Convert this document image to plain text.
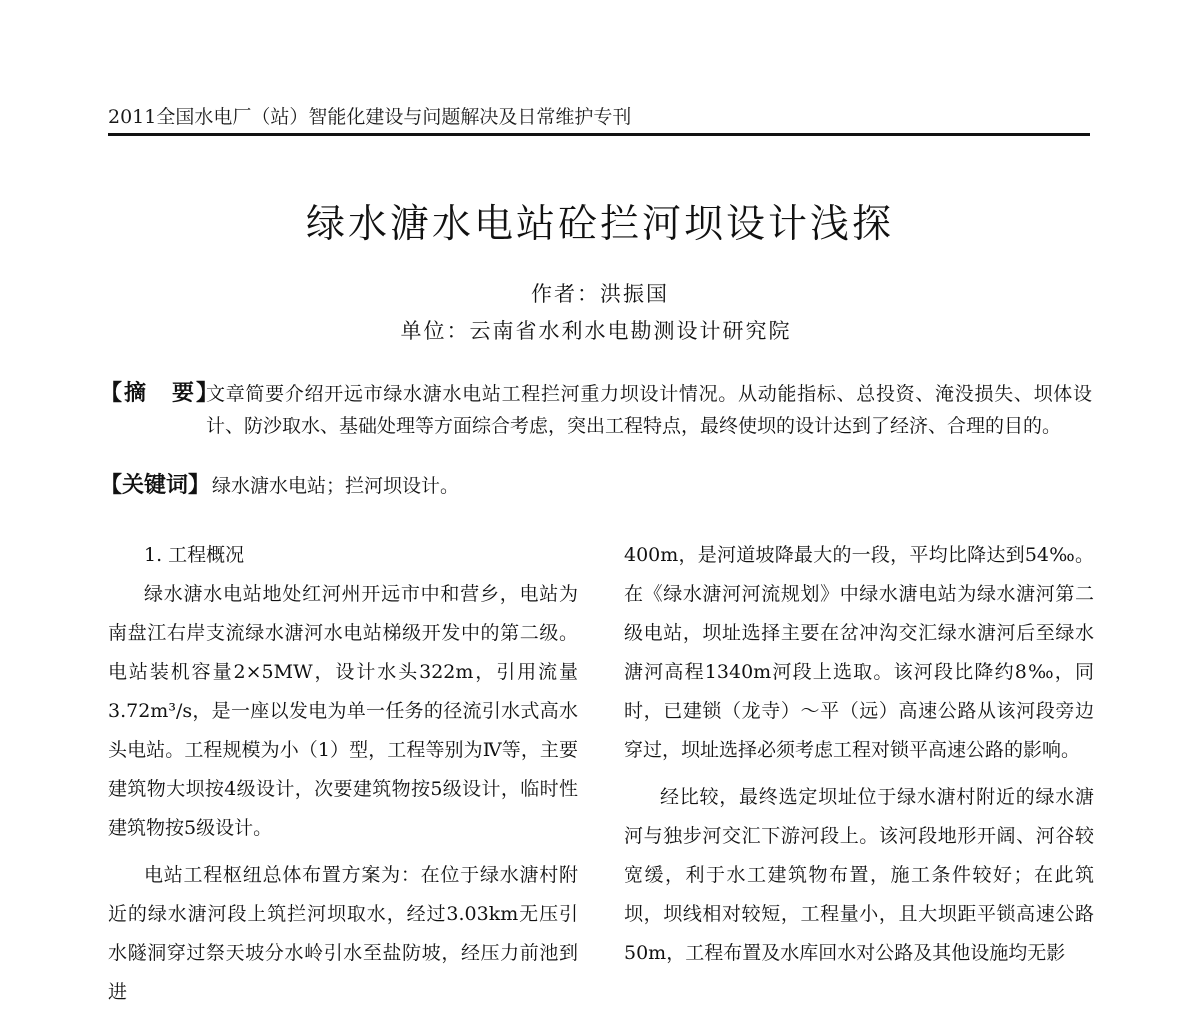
2011全国水电厂（站）智能化建设与问题解决及日常维护专刊
绿水溏水电站砼拦河坝设计浅探
作者：洪振国
单位：云南省水利水电勘测设计研究院
【摘　要】
文章简要介绍开远市绿水溏水电站工程拦河重力坝设计情况。从动能指标、总投资、淹没损失、坝体设计、防沙取水、基础处理等方面综合考虑，突出工程特点，最终使坝的设计达到了经济、合理的目的。
【关键词】 绿水溏水电站；拦河坝设计。
1. 工程概况

绿水溏水电站地处红河州开远市中和营乡，电站为南盘江右岸支流绿水溏河水电站梯级开发中的第二级。电站装机容量2×5MW，设计水头322m，引用流量3.72m³/s，是一座以发电为单一任务的径流引水式高水头电站。工程规模为小（1）型，工程等别为Ⅳ等，主要建筑物大坝按4级设计，次要建筑物按5级设计，临时性建筑物按5级设计。

电站工程枢纽总体布置方案为：在位于绿水溏村附近的绿水溏河段上筑拦河坝取水，经过3.03km无压引水隧洞穿过祭天坡分水岭引水至盐防坡，经压力前池到进

400m，是河道坡降最大的一段，平均比降达到54‰。在《绿水溏河河流规划》中绿水溏电站为绿水溏河第二级电站，坝址选择主要在岔冲沟交汇绿水溏河后至绿水溏河高程1340m河段上选取。该河段比降约8‰，同时，已建锁（龙寺）～平（远）高速公路从该河段旁边穿过，坝址选择必须考虑工程对锁平高速公路的影响。

经比较，最终选定坝址位于绿水溏村附近的绿水溏河与独步河交汇下游河段上。该河段地形开阔、河谷较宽缓，利于水工建筑物布置，施工条件较好；在此筑坝，坝线相对较短，工程量小，且大坝距平锁高速公路50m，工程布置及水库回水对公路及其他设施均无影
